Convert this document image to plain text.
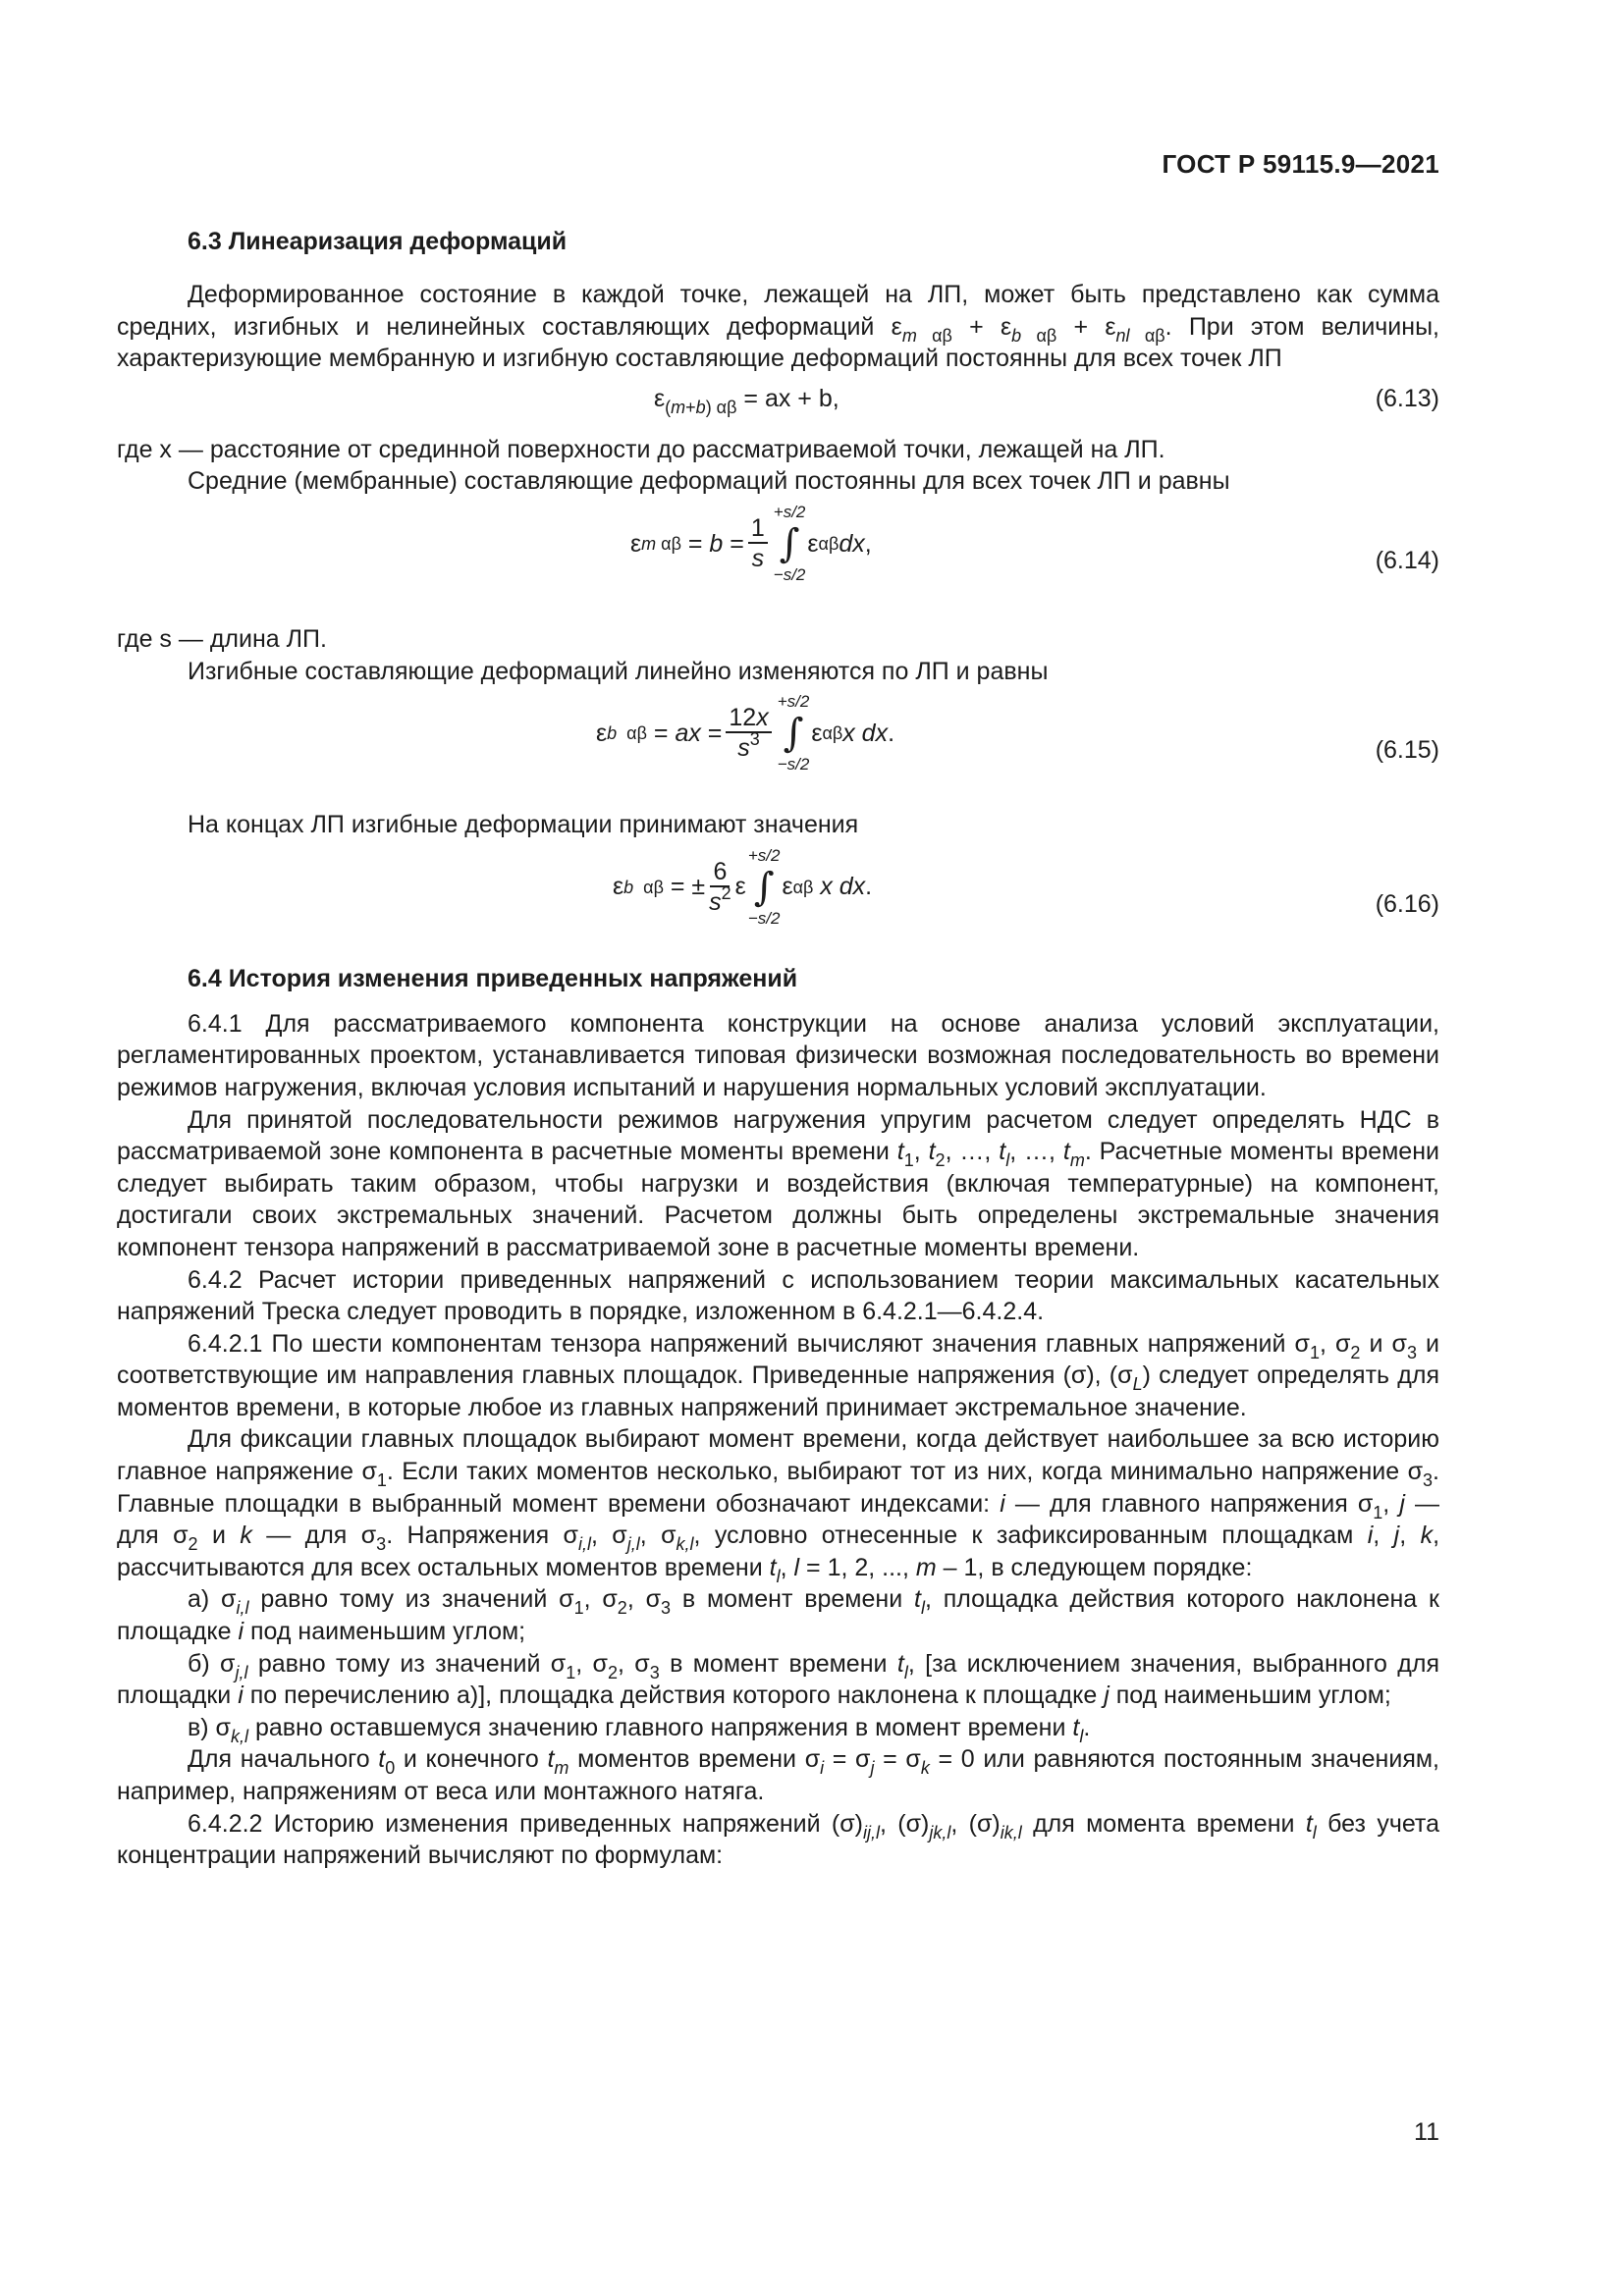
ГОСТ Р 59115.9—2021
6.3 Линеаризация деформаций

Деформированное состояние в каждой точке, лежащей на ЛП, может быть представлено как сумма средних, изгибных и нелинейных составляющих деформаций $\varepsilon_{m \alpha\beta} + \varepsilon_{b \alpha\beta} + \varepsilon_{nl \alpha\beta}$. При этом величины, характеризующие мембранную и изгибную составляющие деформаций постоянны для всех точек ЛП

$\varepsilon_{(m+b) \alpha\beta}$ = ax + b,	(6.13)

где x — расстояние от срединной поверхности до рассматриваемой точки, лежащей на ЛП.

Средние (мембранные) составляющие деформаций постоянны для всех точек ЛП и равны

ε m $\alpha\beta = b = \frac{1}{s}$
+s/2
∫
−s/2
ε αβ dx ,
(6.14)

где s — длина ЛП.

Изгибные составляющие деформаций линейно изменяются по ЛП и равны

ε b  αβ = ax = $\frac{12x}{s^3}$
+s/2
∫
−s/2
ε αβ x dx .
(6.15)

На концах ЛП изгибные деформации принимают значения

ε b  αβ = ± $\frac{6}{s^2}$ ε
+s/2
∫
−s/2
ε αβ
x dx .
(6.16)
6.4 История изменения приведенных напряжений

6.4.1 Для рассматриваемого компонента конструкции на основе анализа условий эксплуатации, регламентированных проектом, устанавливается типовая физически возможная последовательность во времени режимов нагружения, включая условия испытаний и нарушения нормальных условий эксплуатации.

Для принятой последовательности режимов нагружения упругим расчетом следует определять НДС в рассматриваемой зоне компонента в расчетные моменты времени $t_1$, $t_2$, …, $t_l$, …, $t_m$. Расчетные моменты времени следует выбирать таким образом, чтобы нагрузки и воздействия (включая температурные) на компонент, достигали своих экстремальных значений. Расчетом должны быть определены экстремальные значения компонент тензора напряжений в рассматриваемой зоне в расчетные моменты времени.

6.4.2 Расчет истории приведенных напряжений с использованием теории максимальных касательных напряжений Треска следует проводить в порядке, изложенном в 6.4.2.1—6.4.2.4.

6.4.2.1 По шести компонентам тензора напряжений вычисляют значения главных напряжений $\sigma_1$, $\sigma_2$ и $\sigma_3$ и соответствующие им направления главных площадок. Приведенные напряжения (σ), $(\sigma_L)$ следует определять для моментов времени, в которые любое из главных напряжений принимает экстремальное значение.

Для фиксации главных площадок выбирают момент времени, когда действует наибольшее за всю историю главное напряжение $\sigma_1$. Если таких моментов несколько, выбирают тот из них, когда минимально напряжение $\sigma_3$. Главные площадки в выбранный момент времени обозначают индексами: i — для главного напряжения $\sigma_1$, j — для $\sigma_2$ и k — для $\sigma_3$. Напряжения $\sigma_{i,l}$, $\sigma_{j,l}$, $\sigma_{k,l}$, условно отнесенные к зафиксированным площадкам i, j, k, рассчитываются для всех остальных моментов времени $t_l$, l = 1, 2, ..., m – 1, в следующем порядке:

а) $\sigma_{i,l}$ равно тому из значений $\sigma_1$, $\sigma_2$, $\sigma_3$ в момент времени $t_l$, площадка действия которого наклонена к площадке i под наименьшим углом;

б) $\sigma_{j,l}$ равно тому из значений $\sigma_1$, $\sigma_2$, $\sigma_3$ в момент времени $t_l$, [за исключением значения, выбранного для площадки i по перечислению а)], площадка действия которого наклонена к площадке j под наименьшим углом;

в) $\sigma_{k,l}$ равно оставшемуся значению главного напряжения в момент времени $t_l$.

Для начального $t_0$ и конечного $t_m$ моментов времени $\sigma_i = \sigma_j = \sigma_k = 0$ или равняются постоянным значениям, например, напряжениям от веса или монтажного натяга.

6.4.2.2 Историю изменения приведенных напряжений $(\sigma)_{ij,l}$, $(\sigma)_{jk,l}$, $(\sigma)_{ik,l}$ для момента времени $t_l$ без учета концентрации напряжений вычисляют по формулам:

11
